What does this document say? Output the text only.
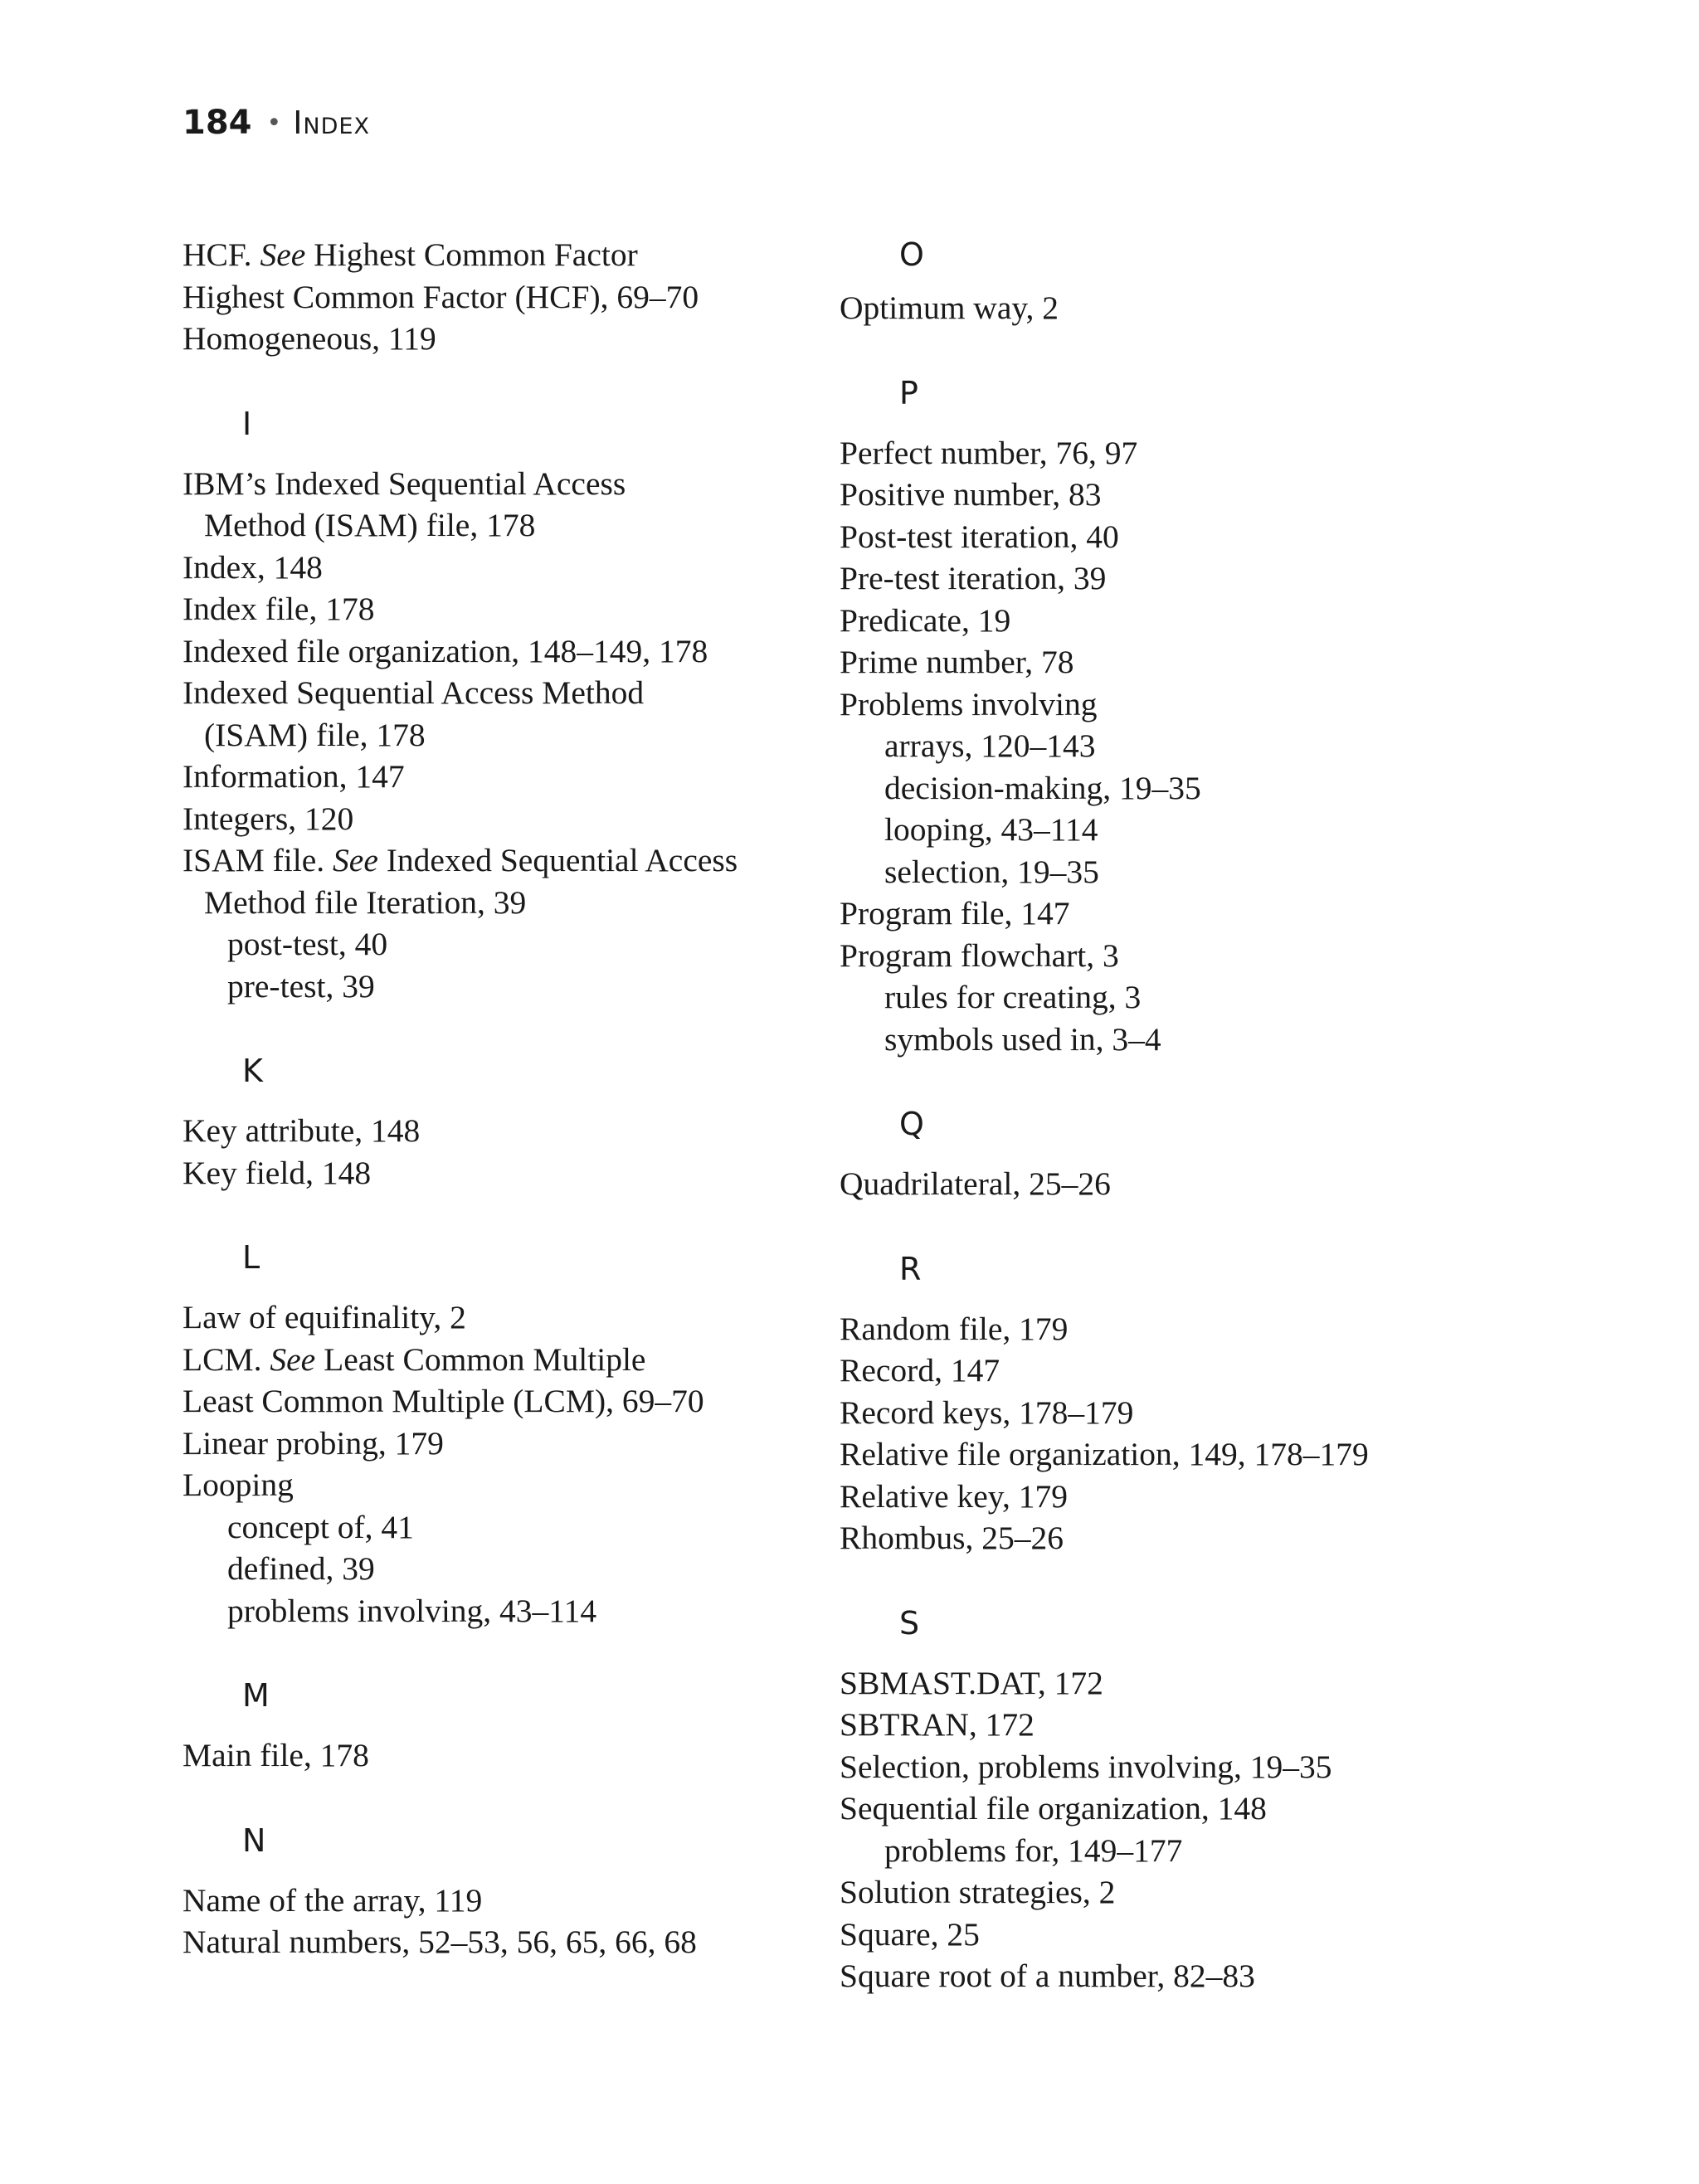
184 • Index
HCF. See Highest Common Factor
Highest Common Factor (HCF), 69–70
Homogeneous, 119
I
IBM’s Indexed Sequential Access
Method (ISAM) file, 178
Index, 148
Index file, 178
Indexed file organization, 148–149, 178
Indexed Sequential Access Method
(ISAM) file, 178
Information, 147
Integers, 120
ISAM file. See Indexed Sequential Access
Method file Iteration, 39
post-test, 40
pre-test, 39
K
Key attribute, 148
Key field, 148
L
Law of equifinality, 2
LCM. See Least Common Multiple
Least Common Multiple (LCM), 69–70
Linear probing, 179
Looping
concept of, 41
defined, 39
problems involving, 43–114
M
Main file, 178
N
Name of the array, 119
Natural numbers, 52–53, 56, 65, 66, 68
O
Optimum way, 2
P
Perfect number, 76, 97
Positive number, 83
Post-test iteration, 40
Pre-test iteration, 39
Predicate, 19
Prime number, 78
Problems involving
arrays, 120–143
decision-making, 19–35
looping, 43–114
selection, 19–35
Program file, 147
Program flowchart, 3
rules for creating, 3
symbols used in, 3–4
Q
Quadrilateral, 25–26
R
Random file, 179
Record, 147
Record keys, 178–179
Relative file organization, 149, 178–179
Relative key, 179
Rhombus, 25–26
S
SBMAST.DAT, 172
SBTRAN, 172
Selection, problems involving, 19–35
Sequential file organization, 148
problems for, 149–177
Solution strategies, 2
Square, 25
Square root of a number, 82–83
